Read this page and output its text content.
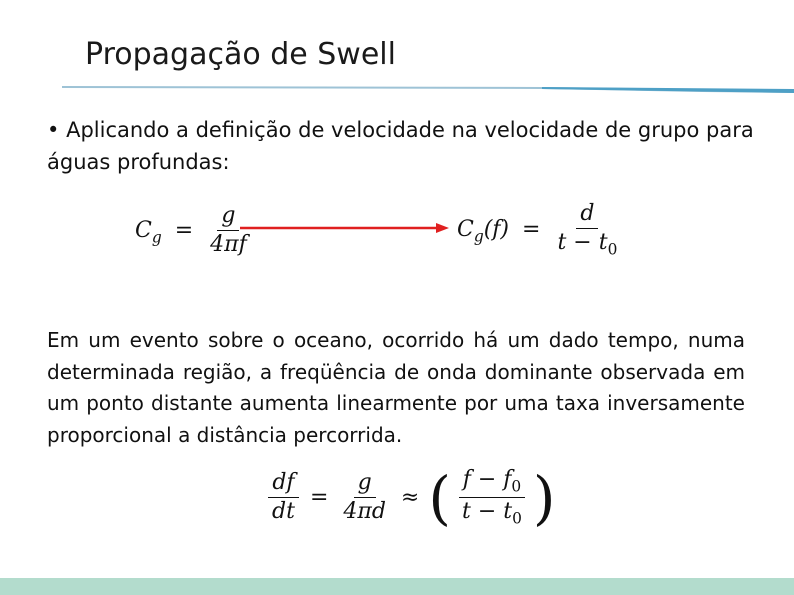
Propagação de Swell
• Aplicando a definição de velocidade na velocidade de grupo para águas profundas:
$C_g = \frac{g}{4\pi f}$	$C_g(f) = \frac{d}{t - t_0}$
Em um evento sobre o oceano, ocorrido há um dado tempo, numa determinada região, a freqüência de onda dominante observada em um ponto distante aumenta linearmente por uma taxa inversamente proporcional a distância percorrida.
$\frac{df}{dt} = \frac{g}{4\pi d}$ ≈ ( $\frac{f - f_0}{t - t_0}$ )
